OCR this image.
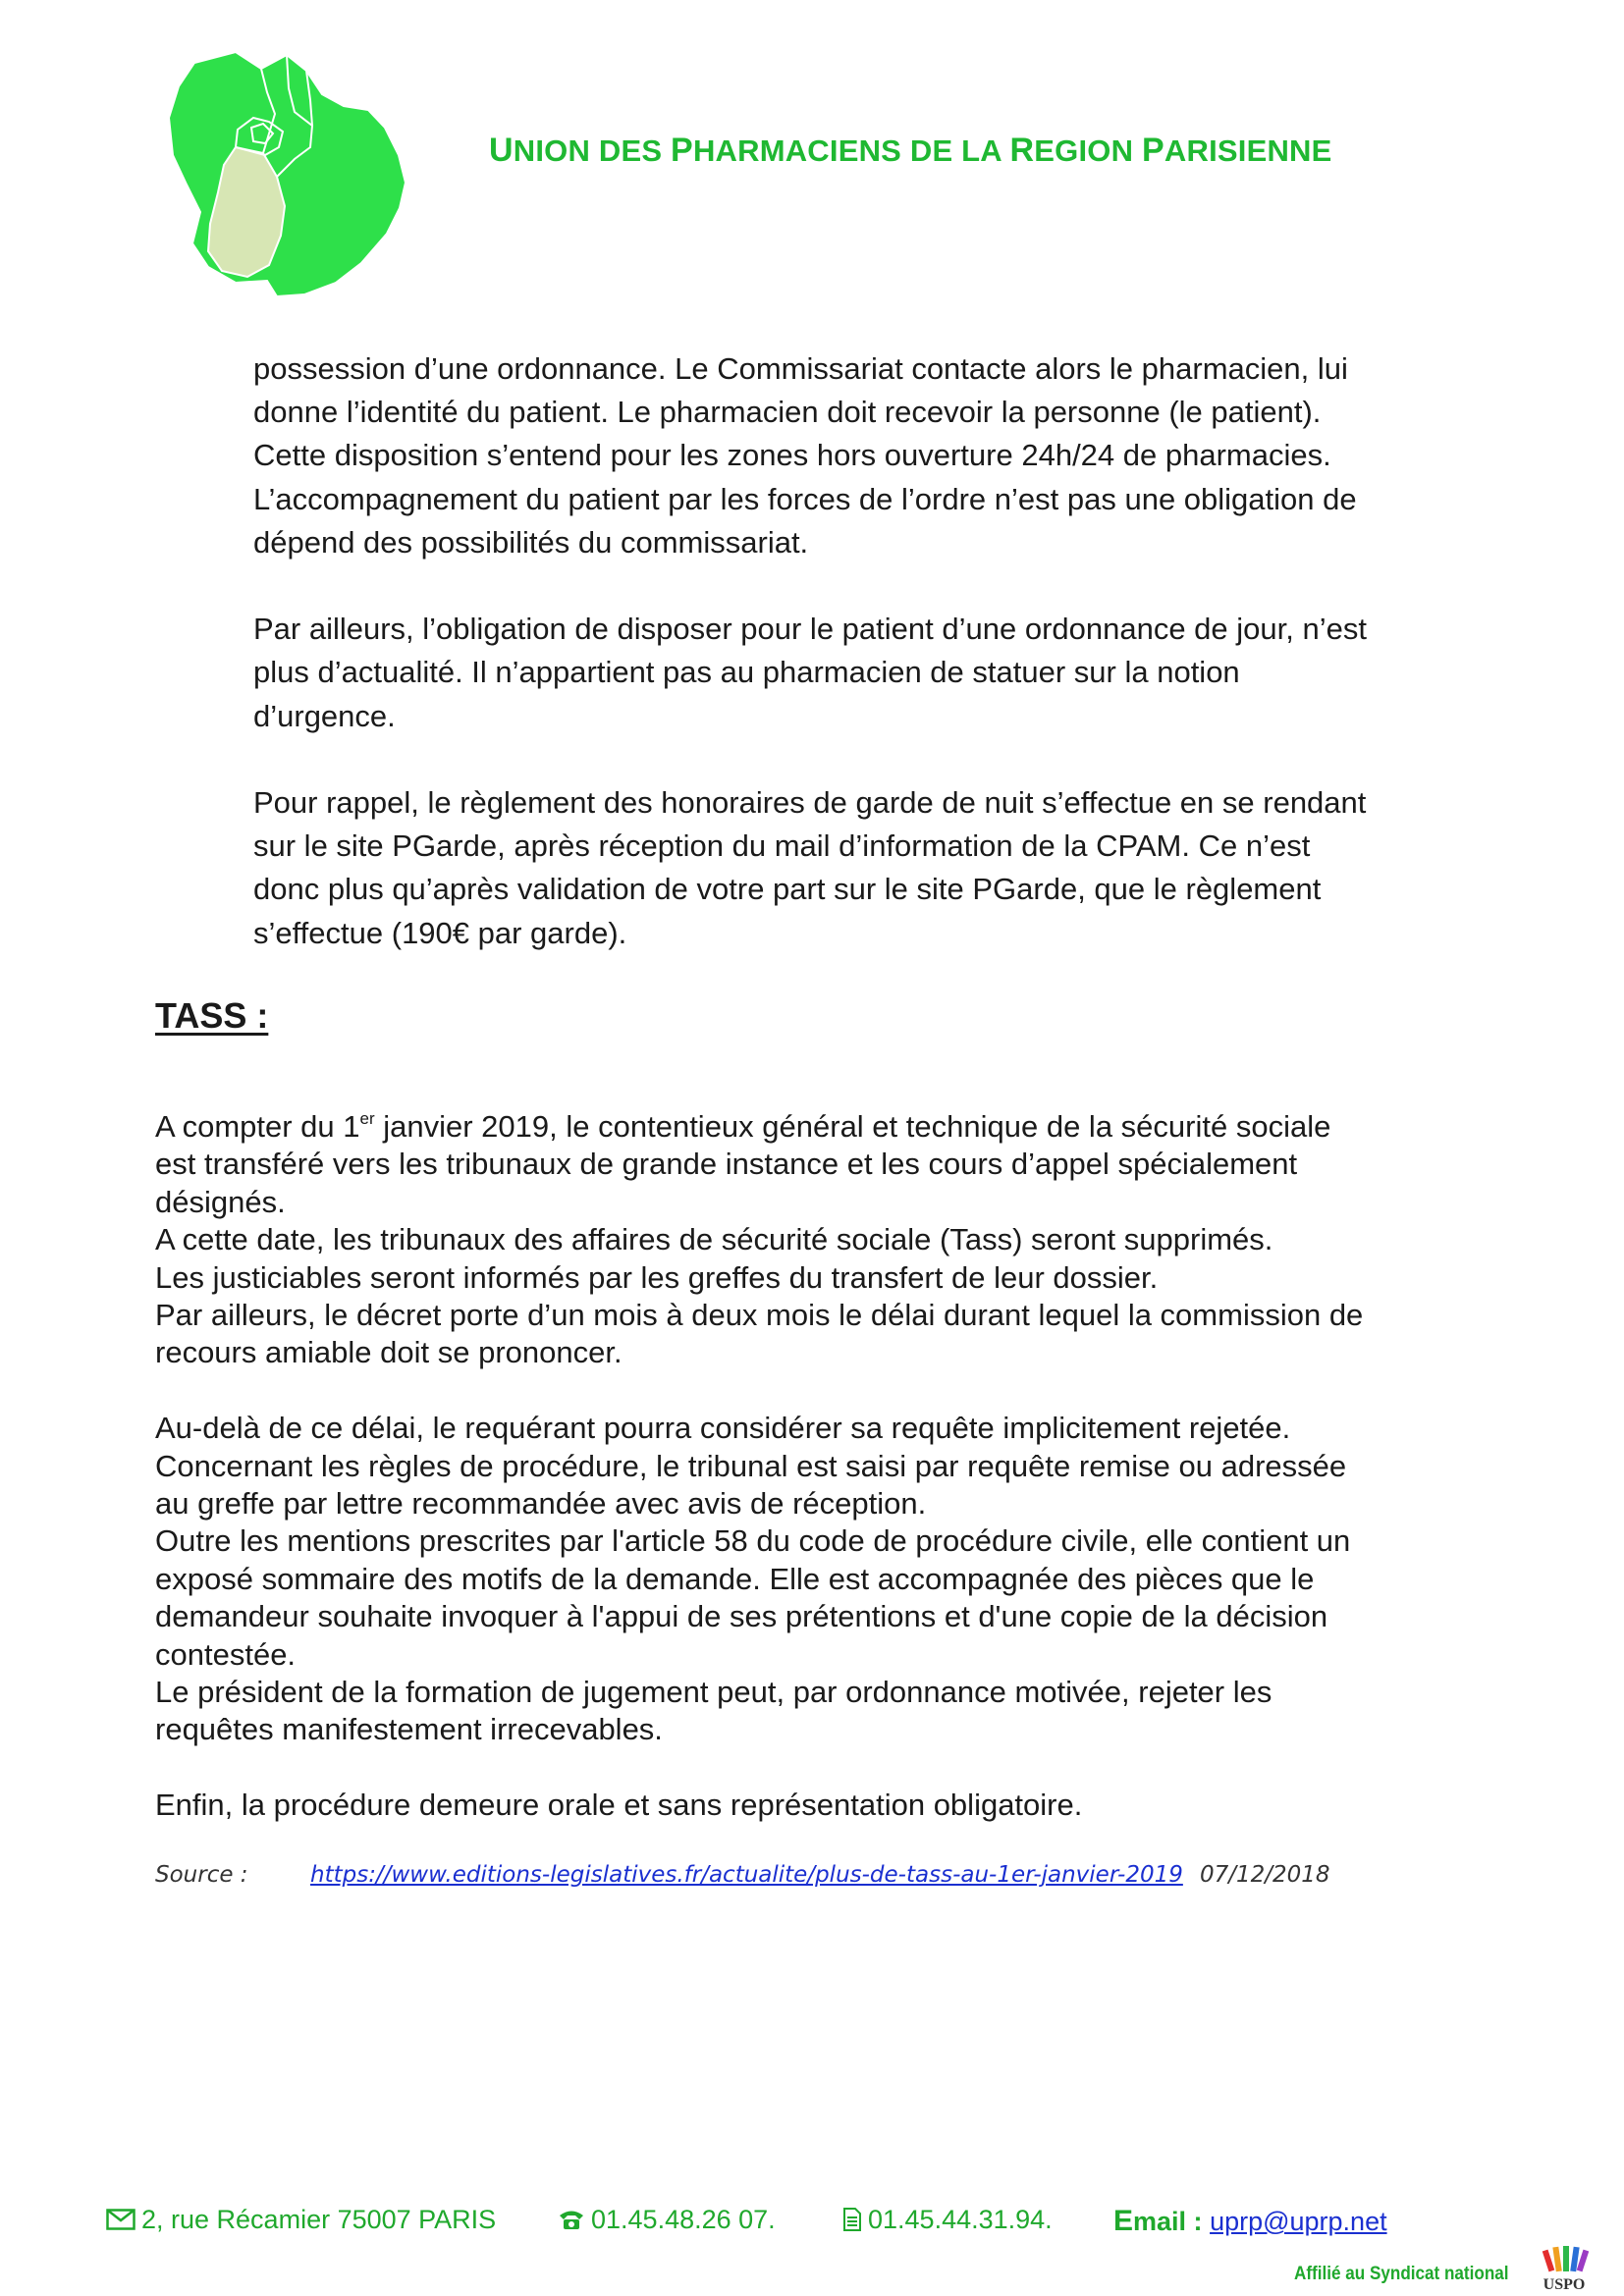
UNION DES PHARMACIENS DE LA REGION PARISIENNE
possession d’une ordonnance. Le Commissariat contacte alors le pharmacien, lui
donne l’identité du patient. Le pharmacien doit recevoir la personne (le patient).
Cette disposition s’entend pour les zones hors ouverture 24h/24 de pharmacies.
L’accompagnement du patient par les forces de l’ordre n’est pas une obligation de
dépend des possibilités du commissariat.
Par ailleurs, l’obligation de disposer pour le patient d’une ordonnance de jour, n’est
plus d’actualité. Il n’appartient pas au pharmacien de statuer sur la notion
d’urgence.
Pour rappel, le règlement des honoraires de garde de nuit s’effectue en se rendant
sur le site PGarde, après réception du mail d’information de la CPAM. Ce n’est
donc plus qu’après validation de votre part sur le site PGarde, que le règlement
s’effectue (190€ par garde).
TASS :
A compter du 1er janvier 2019, le contentieux général et technique de la sécurité sociale
est transféré vers les tribunaux de grande instance et les cours d’appel spécialement
désignés.
A cette date, les tribunaux des affaires de sécurité sociale (Tass) seront supprimés.
Les justiciables seront informés par les greffes du transfert de leur dossier.
Par ailleurs, le décret porte d’un mois à deux mois le délai durant lequel la commission de
recours amiable doit se prononcer.
Au-delà de ce délai, le requérant pourra considérer sa requête implicitement rejetée.
Concernant les règles de procédure, le tribunal est saisi par requête remise ou adressée
au greffe par lettre recommandée avec avis de réception.
Outre les mentions prescrites par l'article 58 du code de procédure civile, elle contient un
exposé sommaire des motifs de la demande. Elle est accompagnée des pièces que le
demandeur souhaite invoquer à l'appui de ses prétentions et d'une copie de la décision
contestée.
Le président de la formation de jugement peut, par ordonnance motivée, rejeter les
requêtes manifestement irrecevables.
Enfin, la procédure demeure orale et sans représentation obligatoire.
Source :	https://www.editions-legislatives.fr/actualite/plus-de-tass-au-1er-janvier-2019 07/12/2018
2, rue Récamier 75007 PARIS	01.45.48.26 07.	01.45.44.31.94. Email : uprp@uprp.net
Affilié au Syndicat national
USPO
